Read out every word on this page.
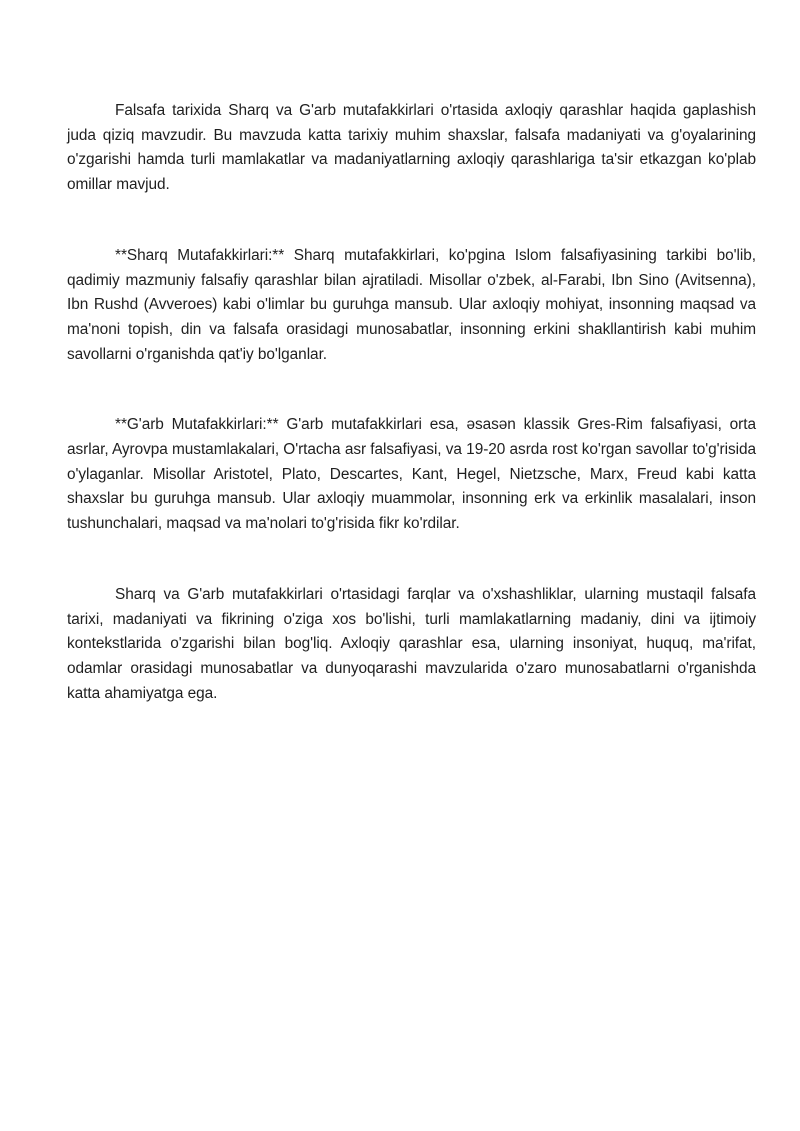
Falsafa tarixida Sharq va G'arb mutafakkirlari o'rtasida axloqiy qarashlar haqida gaplashish juda qiziq mavzudir. Bu mavzuda katta tarixiy muhim shaxslar, falsafa madaniyati va g'oyalarining o'zgarishi hamda turli mamlakatlar va madaniyatlarning axloqiy qarashlariga ta'sir etkazgan ko'plab omillar mavjud.

**Sharq Mutafakkirlari:** Sharq mutafakkirlari, ko'pgina Islom falsafiyasining tarkibi bo'lib, qadimiy mazmuniy falsafiy qarashlar bilan ajratiladi. Misollar o'zbek, al-Farabi, Ibn Sino (Avitsenna), Ibn Rushd (Avveroes) kabi o'limlar bu guruhga mansub. Ular axloqiy mohiyat, insonning maqsad va ma'noni topish, din va falsafa orasidagi munosabatlar, insonning erkini shakllantirish kabi muhim savollarni o'rganishda qat'iy bo'lganlar.

**G'arb Mutafakkirlari:** G'arb mutafakkirlari esa, əsasən klassik Gres-Rim falsafiyasi, orta asrlar, Ayrovpa mustamlakalari, O'rtacha asr falsafiyasi, va 19-20 asrda rost ko'rgan savollar to'g'risida o'ylaganlar. Misollar Aristotel, Plato, Descartes, Kant, Hegel, Nietzsche, Marx, Freud kabi katta shaxslar bu guruhga mansub. Ular axloqiy muammolar, insonning erk va erkinlik masalalari, inson tushunchalari, maqsad va ma'nolari to'g'risida fikr ko'rdilar.

Sharq va G'arb mutafakkirlari o'rtasidagi farqlar va o'xshashliklar, ularning mustaqil falsafa tarixi, madaniyati va fikrining o'ziga xos bo'lishi, turli mamlakatlarning madaniy, dini va ijtimoiy kontekstlarida o'zgarishi bilan bog'liq. Axloqiy qarashlar esa, ularning insoniyat, huquq, ma'rifat, odamlar orasidagi munosabatlar va dunyoqarashi mavzularida o'zaro munosabatlarni o'rganishda katta ahamiyatga ega.
